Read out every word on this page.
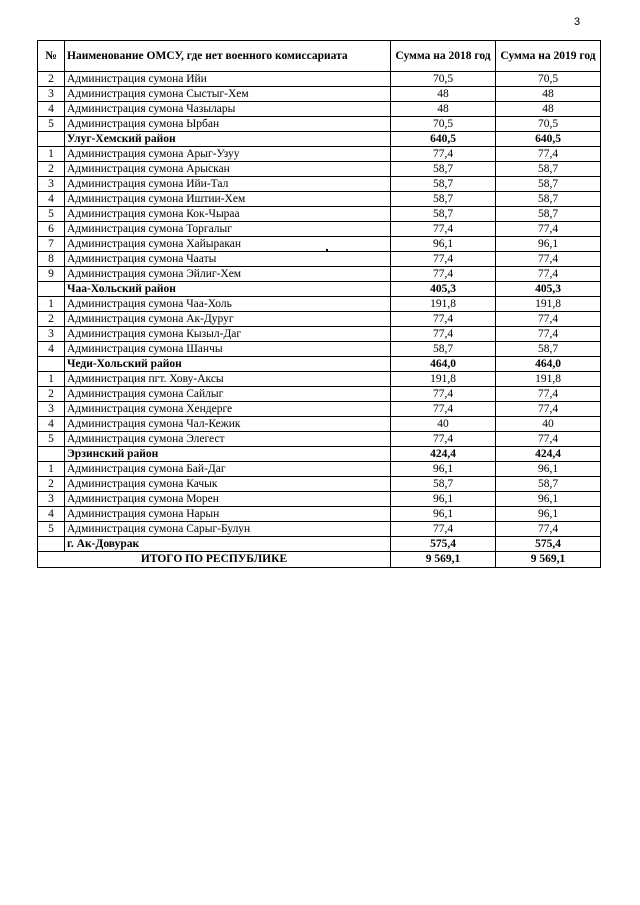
3
№	Наименование ОМСУ, где нет военного комиссариата	Сумма на 2018 год	Сумма на 2019 год
2	Администрация сумона Ийи	70,5	70,5
3	Администрация сумона Сыстыг-Хем	48	48
4	Администрация сумона Чазылары	48	48
5	Администрация сумона Ырбан	70,5	70,5
	Улуг-Хемский район	640,5	640,5
1	Администрация сумона Арыг-Узуу	77,4	77,4
2	Администрация сумона Арыскан	58,7	58,7
3	Администрация сумона Ийи-Тал	58,7	58,7
4	Администрация сумона Иштии-Хем	58,7	58,7
5	Администрация сумона Кок-Чыраа	58,7	58,7
6	Администрация сумона Торгалыг	77,4	77,4
7	Администрация сумона Хайыракан	96,1	96,1
8	Администрация сумона Чааты	77,4	77,4
9	Администрация сумона Эйлиг-Хем	77,4	77,4
	Чаа-Хольский район	405,3	405,3
1	Администрация сумона Чаа-Холь	191,8	191,8
2	Администрация сумона Ак-Дуруг	77,4	77,4
3	Администрация сумона Кызыл-Даг	77,4	77,4
4	Администрация сумона Шанчы	58,7	58,7
	Чеди-Хольский район	464,0	464,0
1	Администрация пгт. Хову-Аксы	191,8	191,8
2	Администрация сумона Сайлыг	77,4	77,4
3	Администрация сумона Хендерге	77,4	77,4
4	Администрация сумона Чал-Кежик	40	40
5	Администрация сумона Элегест	77,4	77,4
	Эрзинский район	424,4	424,4
1	Администрация сумона Бай-Даг	96,1	96,1
2	Администрация сумона Качык	58,7	58,7
3	Администрация сумона Морен	96,1	96,1
4	Администрация сумона Нарын	96,1	96,1
5	Администрация сумона Сарыг-Булун	77,4	77,4
	г. Ак-Довурак	575,4	575,4
ИТОГО ПО РЕСПУБЛИКЕ		9 569,1	9 569,1
